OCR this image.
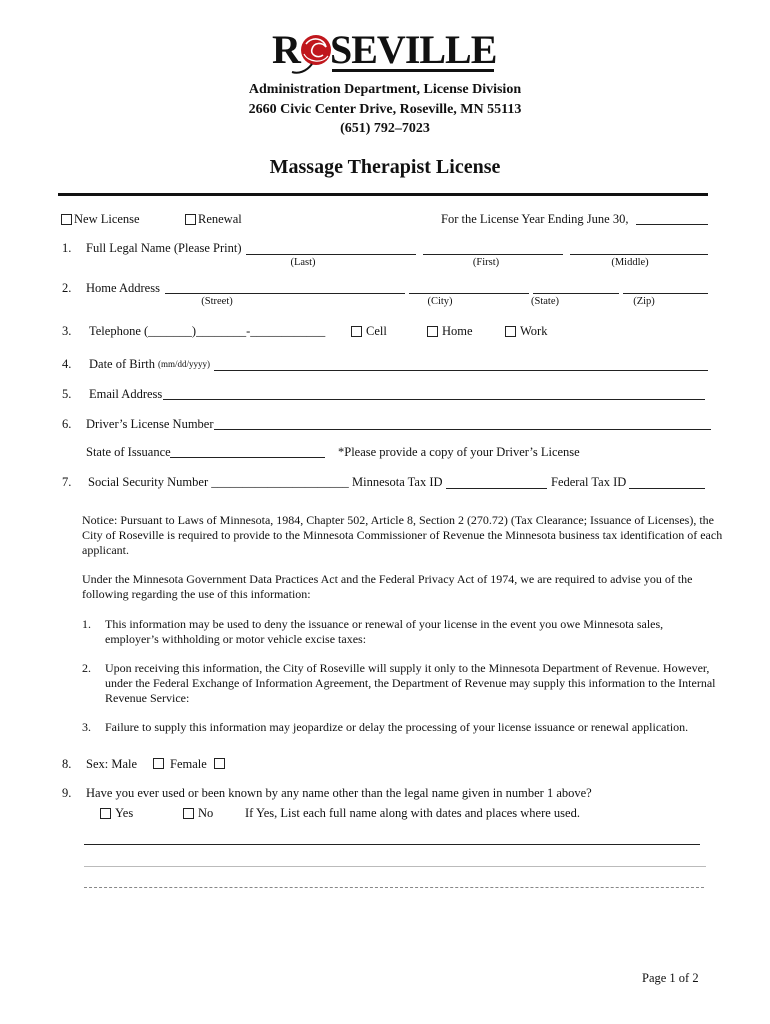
R SEVILLE
Administration Department, License Division
2660 Civic Center Drive, Roseville, MN 55113
(651) 792–7023
Massage Therapist License
New License	Renewal	For the License Year Ending June 30,
1. Full Legal Name (Please Print)
(Last)	(First)	(Middle)
2. Home Address
(Street)	(City)	(State)	(Zip)
3. Telephone (_______)________-____________	Cell	Home	Work
4. Date of Birth (mm/dd/yyyy)
5. Email Address
6. Driver’s License Number
State of Issuance	*Please provide a copy of your Driver’s License
7. Social Security Number ______________________ Minnesota Tax ID	Federal Tax ID
Notice: Pursuant to Laws of Minnesota, 1984, Chapter 502, Article 8, Section 2 (270.72) (Tax Clearance; Issuance of Licenses), the City of Roseville is required to provide to the Minnesota Commissioner of Revenue the Minnesota business tax identification of each applicant.
Under the Minnesota Government Data Practices Act and the Federal Privacy Act of 1974, we are required to advise you of the following regarding the use of this information:
1. This information may be used to deny the issuance or renewal of your license in the event you owe Minnesota sales, employer’s withholding or motor vehicle excise taxes:
2. Upon receiving this information, the City of Roseville will supply it only to the Minnesota Department of Revenue. However, under the Federal Exchange of Information Agreement, the Department of Revenue may supply this information to the Internal Revenue Service:
3. Failure to supply this information may jeopardize or delay the processing of your license issuance or renewal application.
8. Sex: Male	Female
9. Have you ever used or been known by any name other than the legal name given in number 1 above?
Yes	No	If Yes, List each full name along with dates and places where used.
Page 1 of 2
